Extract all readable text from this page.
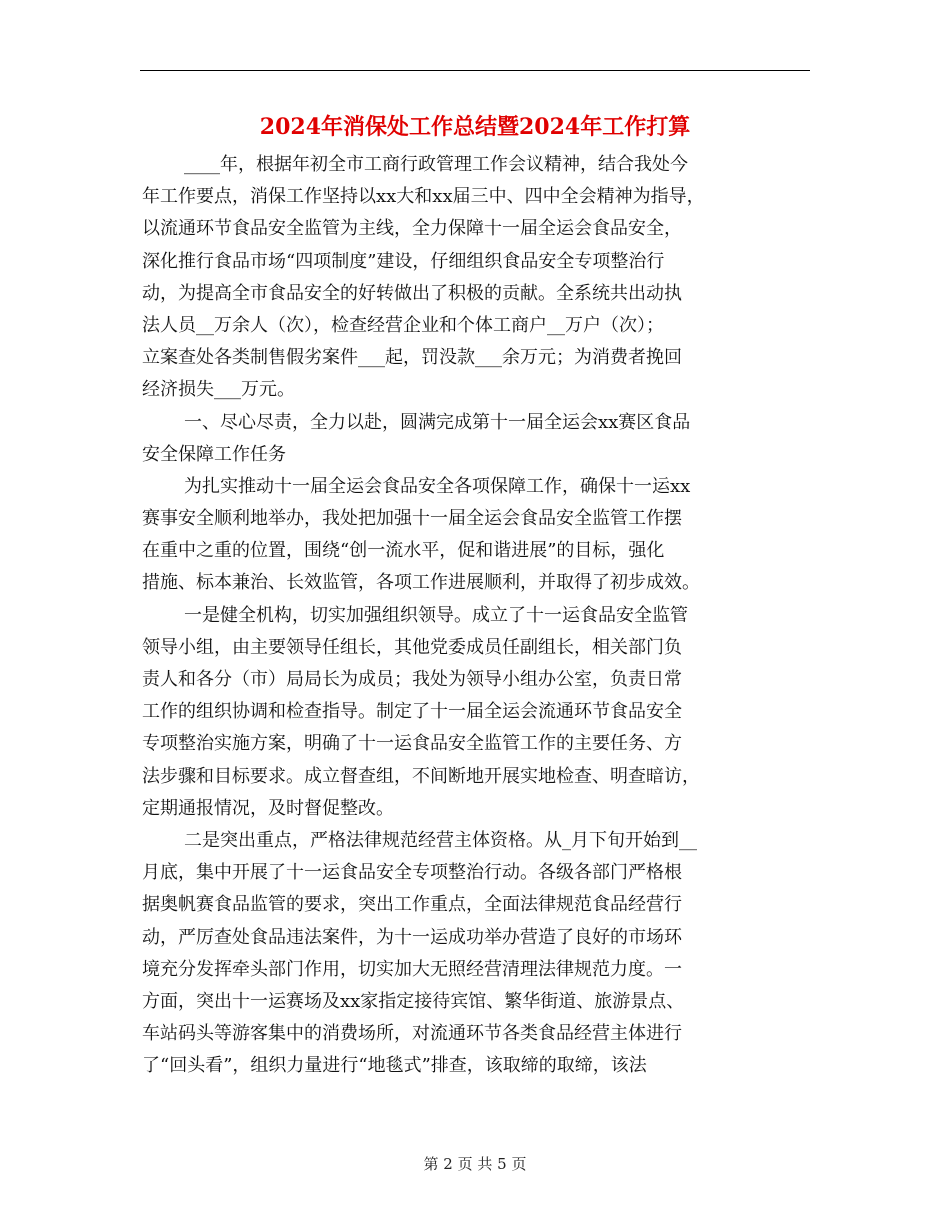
2024年消保处工作总结暨2024年工作打算
____年，根据年初全市工商行政管理工作会议精神，结合我处今
年工作要点，消保工作坚持以xx大和xx届三中、四中全会精神为指导，
以流通环节食品安全监管为主线，全力保障十一届全运会食品安全，
深化推行食品市场“四项制度”建设，仔细组织食品安全专项整治行
动，为提高全市食品安全的好转做出了积极的贡献。全系统共出动执
法人员__万余人（次），检查经营企业和个体工商户__万户（次）；
立案查处各类制售假劣案件___起，罚没款___余万元；为消费者挽回
经济损失___万元。
一、尽心尽责，全力以赴，圆满完成第十一届全运会xx赛区食品
安全保障工作任务
为扎实推动十一届全运会食品安全各项保障工作，确保十一运xx
赛事安全顺利地举办，我处把加强十一届全运会食品安全监管工作摆
在重中之重的位置，围绕“创一流水平，促和谐进展”的目标，强化
措施、标本兼治、长效监管，各项工作进展顺利，并取得了初步成效。
一是健全机构，切实加强组织领导。成立了十一运食品安全监管
领导小组，由主要领导任组长，其他党委成员任副组长，相关部门负
责人和各分（市）局局长为成员；我处为领导小组办公室，负责日常
工作的组织协调和检查指导。制定了十一届全运会流通环节食品安全
专项整治实施方案，明确了十一运食品安全监管工作的主要任务、方
法步骤和目标要求。成立督查组，不间断地开展实地检查、明查暗访，
定期通报情况，及时督促整改。
二是突出重点，严格法律规范经营主体资格。从_月下旬开始到__
月底，集中开展了十一运食品安全专项整治行动。各级各部门严格根
据奥帆赛食品监管的要求，突出工作重点，全面法律规范食品经营行
动，严厉查处食品违法案件，为十一运成功举办营造了良好的市场环
境充分发挥牵头部门作用，切实加大无照经营清理法律规范力度。一
方面，突出十一运赛场及xx家指定接待宾馆、繁华街道、旅游景点、
车站码头等游客集中的消费场所，对流通环节各类食品经营主体进行
了“回头看”，组织力量进行“地毯式”排查，该取缔的取缔，该法
第 2 页 共 5 页
